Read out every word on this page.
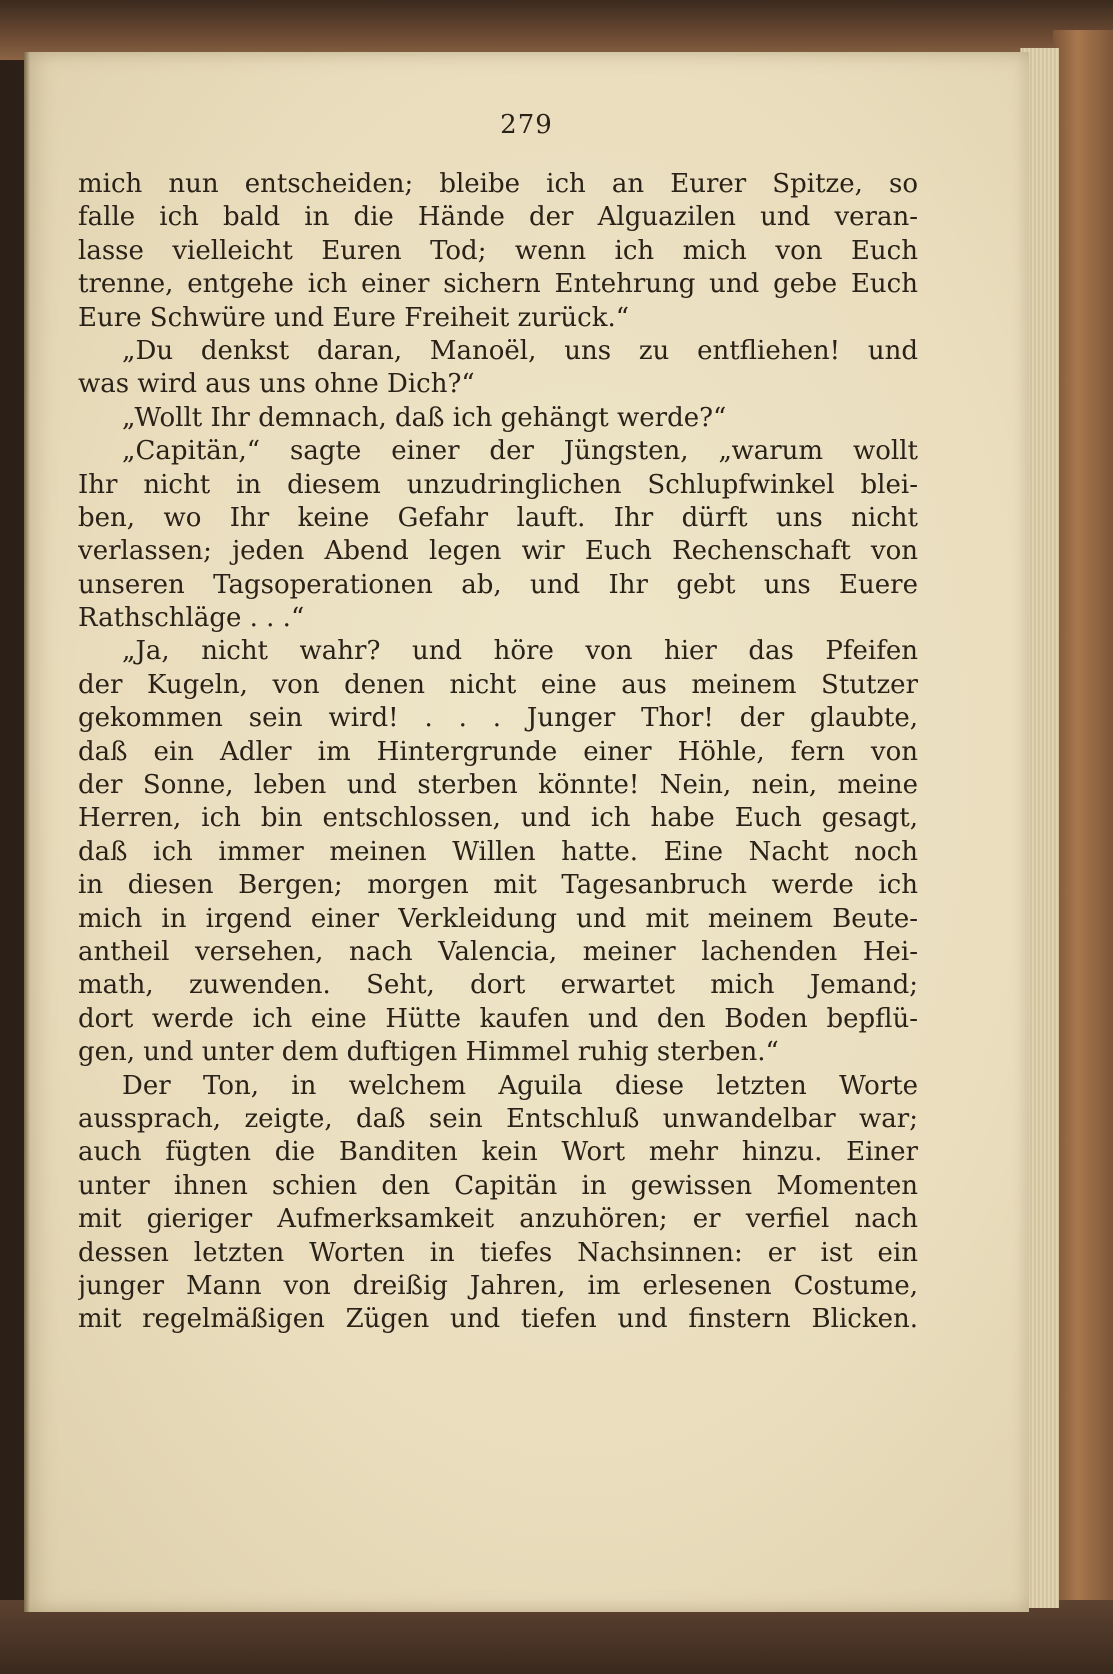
279
mich nun entscheiden; bleibe ich an Eurer Spitze, so
falle ich bald in die Hände der Alguazilen und veran-
lasse vielleicht Euren Tod; wenn ich mich von Euch
trenne, entgehe ich einer sichern Entehrung und gebe Euch
Eure Schwüre und Eure Freiheit zurück.“
„Du denkst daran, Manoël, uns zu entfliehen! und
was wird aus uns ohne Dich?“
„Wollt Ihr demnach, daß ich gehängt werde?“
„Capitän,“ sagte einer der Jüngsten, „warum wollt
Ihr nicht in diesem unzudringlichen Schlupfwinkel blei-
ben, wo Ihr keine Gefahr lauft. Ihr dürft uns nicht
verlassen; jeden Abend legen wir Euch Rechenschaft von
unseren Tagsoperationen ab, und Ihr gebt uns Euere
Rathschläge . . .“
„Ja, nicht wahr? und höre von hier das Pfeifen
der Kugeln, von denen nicht eine aus meinem Stutzer
gekommen sein wird! . . . Junger Thor! der glaubte,
daß ein Adler im Hintergrunde einer Höhle, fern von
der Sonne, leben und sterben könnte! Nein, nein, meine
Herren, ich bin entschlossen, und ich habe Euch gesagt,
daß ich immer meinen Willen hatte. Eine Nacht noch
in diesen Bergen; morgen mit Tagesanbruch werde ich
mich in irgend einer Verkleidung und mit meinem Beute-
antheil versehen, nach Valencia, meiner lachenden Hei-
math, zuwenden. Seht, dort erwartet mich Jemand;
dort werde ich eine Hütte kaufen und den Boden bepflü-
gen, und unter dem duftigen Himmel ruhig sterben.“
Der Ton, in welchem Aguila diese letzten Worte
aussprach, zeigte, daß sein Entschluß unwandelbar war;
auch fügten die Banditen kein Wort mehr hinzu. Einer
unter ihnen schien den Capitän in gewissen Momenten
mit gieriger Aufmerksamkeit anzuhören; er verfiel nach
dessen letzten Worten in tiefes Nachsinnen: er ist ein
junger Mann von dreißig Jahren, im erlesenen Costume,
mit regelmäßigen Zügen und tiefen und finstern Blicken.
